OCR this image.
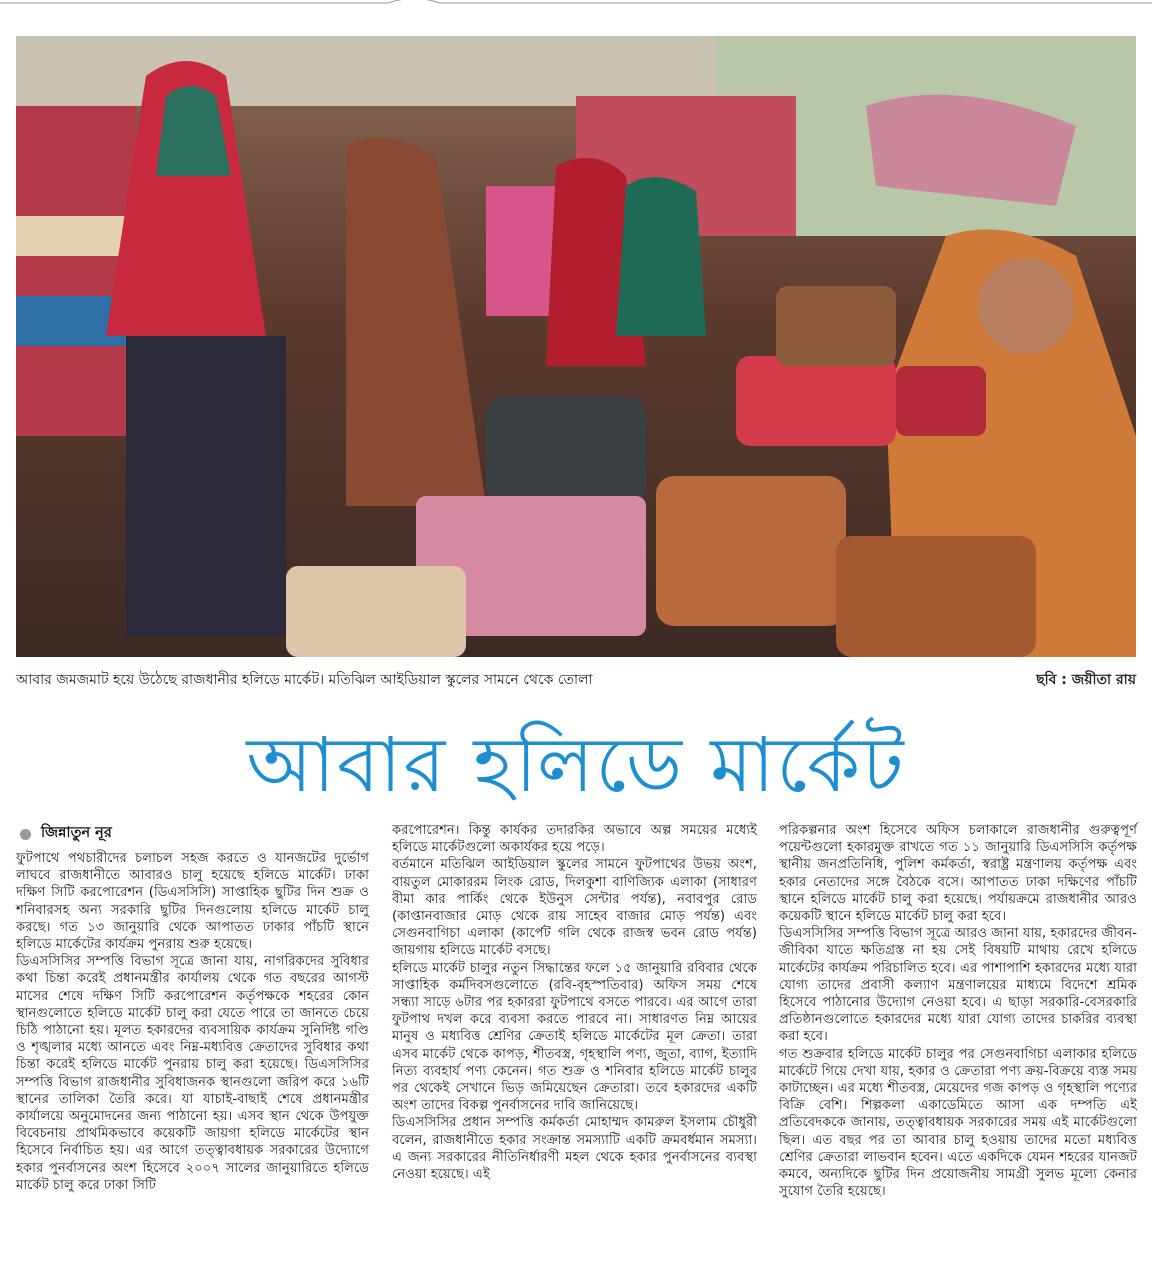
আবার জমজমাট হয়ে উঠেছে রাজধানীর হলিডে মার্কেট। মতিঝিল আইডিয়াল স্কুলের সামনে থেকে তোলা	ছবি : জয়ীতা রায়
আবার হলিডে মার্কেট
জিন্নাতুন নূর

ফুটপাথে পথচারীদের চলাচল সহজ করতে ও যানজটের দুর্ভোগ লাঘবে রাজধানীতে আবারও চালু হয়েছে হলিডে মার্কেট। ঢাকা দক্ষিণ সিটি করপোরেশন (ডিএসসিসি) সাপ্তাহিক ছুটির দিন শুক্র ও শনিবারসহ অন্য সরকারি ছুটির দিনগুলোয় হলিডে মার্কেট চালু করছে। গত ১৩ জানুয়ারি থেকে আপাতত ঢাকার পাঁচটি স্থানে হলিডে মার্কেটের কার্যক্রম পুনরায় শুরু হয়েছে।

ডিএসসিসির সম্পত্তি বিভাগ সূত্রে জানা যায়, নাগরিকদের সুবিধার কথা চিন্তা করেই প্রধানমন্ত্রীর কার্যালয় থেকে গত বছরের আগস্ট মাসের শেষে দক্ষিণ সিটি করপোরেশন কর্তৃপক্ষকে শহরের কোন স্থানগুলোতে হলিডে মার্কেট চালু করা যেতে পারে তা জানতে চেয়ে চিঠি পাঠানো হয়। মূলত হকারদের ব্যবসায়িক কার্যক্রম সুনির্দিষ্ট গণ্ডি ও শৃঙ্খলার মধ্যে আনতে এবং নিম্ন-মধ্যবিত্ত ক্রেতাদের সুবিধার কথা চিন্তা করেই হলিডে মার্কেট পুনরায় চালু করা হয়েছে। ডিএসসিসির সম্পত্তি বিভাগ রাজধানীর সুবিধাজনক স্থানগুলো জরিপ করে ১৬টি স্থানের তালিকা তৈরি করে। যা যাচাই-বাছাই শেষে প্রধানমন্ত্রীর কার্যালয়ে অনুমোদনের জন্য পাঠানো হয়। এসব স্থান থেকে উপযুক্ত বিবেচনায় প্রাথমিকভাবে কয়েকটি জায়গা হলিডে মার্কেটের স্থান হিসেবে নির্বাচিত হয়। এর আগে তত্ত্বাবধায়ক সরকারের উদ্যোগে হকার পুনর্বাসনের অংশ হিসেবে ২০০৭ সালের জানুয়ারিতে হলিডে মার্কেট চালু করে ঢাকা সিটি

করপোরেশন। কিন্তু কার্যকর তদারকির অভাবে অল্প সময়ের মধ্যেই হলিডে মার্কেটগুলো অকার্যকর হয়ে পড়ে।

বর্তমানে মতিঝিল আইডিয়াল স্কুলের সামনে ফুটপাথের উভয় অংশ, বায়তুল মোকাররম লিংক রোড, দিলকুশা বাণিজ্যিক এলাকা (সাধারণ বীমা কার পার্কিং থেকে ইউনুস সেন্টার পর্যন্ত), নবাবপুর রোড (কাপ্তানবাজার মোড় থেকে রায় সাহেব বাজার মোড় পর্যন্ত) এবং সেগুনবাগিচা এলাকা (কার্পেট গলি থেকে রাজস্ব ভবন রোড পর্যন্ত) জায়গায় হলিডে মার্কেট বসছে।

হলিডে মার্কেট চালুর নতুন সিদ্ধান্তের ফলে ১৫ জানুয়ারি রবিবার থেকে সাপ্তাহিক কর্মদিবসগুলোতে (রবি-বৃহস্পতিবার) অফিস সময় শেষে সন্ধ্যা সাড়ে ৬টার পর হকাররা ফুটপাথে বসতে পারবে। এর আগে তারা ফুটপাথ দখল করে ব্যবসা করতে পারবে না। সাধারণত নিম্ন আয়ের মানুষ ও মধ্যবিত্ত শ্রেণির ক্রেতাই হলিডে মার্কেটের মূল ক্রেতা। তারা এসব মার্কেট থেকে কাপড়, শীতবস্ত্র, গৃহস্থালি পণ্য, জুতা, ব্যাগ, ইত্যাদি নিত্য ব্যবহার্য পণ্য কেনেন। গত শুক্র ও শনিবার হলিডে মার্কেট চালুর পর থেকেই সেখানে ভিড় জমিয়েছেন ক্রেতারা। তবে হকারদের একটি অংশ তাদের বিকল্প পুনর্বাসনের দাবি জানিয়েছে।

ডিএসসিসির প্রধান সম্পত্তি কর্মকর্তা মোহাম্মদ কামরুল ইসলাম চৌধুরী বলেন, রাজধানীতে হকার সংক্রান্ত সমস্যাটি একটি ক্রমবর্ধমান সমস্যা। এ জন্য সরকারের নীতিনির্ধারণী মহল থেকে হকার পুনর্বাসনের ব্যবস্থা নেওয়া হয়েছে। এই

পরিকল্পনার অংশ হিসেবে অফিস চলাকালে রাজধানীর গুরুত্বপূর্ণ পয়েন্টগুলো হকারমুক্ত রাখতে গত ১১ জানুয়ারি ডিএসসিসি কর্তৃপক্ষ স্থানীয় জনপ্রতিনিধি, পুলিশ কর্মকর্তা, স্বরাষ্ট্র মন্ত্রণালয় কর্তৃপক্ষ এবং হকার নেতাদের সঙ্গে বৈঠকে বসে। আপাতত ঢাকা দক্ষিণের পাঁচটি স্থানে হলিডে মার্কেট চালু করা হয়েছে। পর্যায়ক্রমে রাজধানীর আরও কয়েকটি স্থানে হলিডে মার্কেট চালু করা হবে।

ডিএসসিসির সম্পত্তি বিভাগ সূত্রে আরও জানা যায়, হকারদের জীবন-জীবিকা যাতে ক্ষতিগ্রস্ত না হয় সেই বিষয়টি মাথায় রেখে হলিডে মার্কেটের কার্যক্রম পরিচালিত হবে। এর পাশাপাশি হকারদের মধ্যে যারা যোগ্য তাদের প্রবাসী কল্যাণ মন্ত্রণালয়ের মাধ্যমে বিদেশে শ্রমিক হিসেবে পাঠানোর উদ্যোগ নেওয়া হবে। এ ছাড়া সরকারি-বেসরকারি প্রতিষ্ঠানগুলোতে হকারদের মধ্যে যারা যোগ্য তাদের চাকরির ব্যবস্থা করা হবে।

গত শুক্রবার হলিডে মার্কেট চালুর পর সেগুনবাগিচা এলাকার হলিডে মার্কেটে গিয়ে দেখা যায়, হকার ও ক্রেতারা পণ্য ক্রয়-বিক্রয়ে ব্যস্ত সময় কাটাচ্ছেন। এর মধ্যে শীতবস্ত্র, মেয়েদের গজ কাপড় ও গৃহস্থালি পণ্যের বিক্রি বেশি। শিল্পকলা একাডেমিতে আসা এক দম্পতি এই প্রতিবেদককে জানায়, তত্ত্বাবধায়ক সরকারের সময় এই মার্কেটগুলো ছিল। এত বছর পর তা আবার চালু হওয়ায় তাদের মতো মধ্যবিত্ত শ্রেণির ক্রেতারা লাভবান হবেন। এতে একদিকে যেমন শহরের যানজট কমবে, অন্যদিকে ছুটির দিন প্রয়োজনীয় সামগ্রী সুলভ মূল্যে কেনার সুযোগ তৈরি হয়েছে।
